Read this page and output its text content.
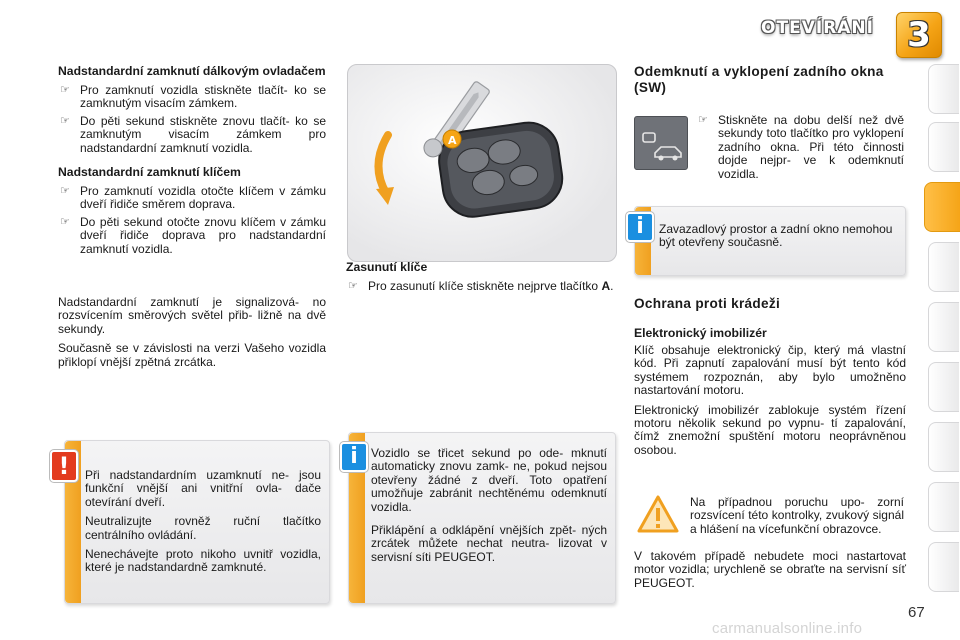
OTEVÍRÁNÍ 3
Nadstandardní zamknutí dálkovým ovladačem
☞ Pro zamknutí vozidla stiskněte tlačít- ko se zamknutým visacím zámkem.
☞ Do pěti sekund stiskněte znovu tlačít- ko se zamknutým visacím zámkem pro nadstandardní zamknutí vozidla.
Nadstandardní zamknutí klíčem
☞ Pro zamknutí vozidla otočte klíčem v zámku dveří řidiče směrem doprava.
☞ Do pěti sekund otočte znovu klíčem v zámku dveří řidiče doprava pro nadstandardní zamknutí vozidla.

Nadstandardní zamknutí je signalizová- no rozsvícením směrových světel přib- ližně na dvě sekundy.

Současně se v závislosti na verzi Vašeho vozidla přiklopí vnější zpětná zrcátka.

Při nadstandardním uzamknutí ne- jsou funkční vnější ani vnitřní ovla- dače otevírání dveří.

Neutralizujte rovněž ruční tlačítko centrálního ovládání.

Nenechávejte proto nikoho uvnitř vozidla, které je nadstandardně zamknuté.

!
A
Zasunutí klíče
☞ Pro zasunutí klíče stiskněte nejprve tlačítko A.

Vozidlo se třicet sekund po ode- mknutí automaticky znovu zamk- ne, pokud nejsou otevřeny žádné z dveří. Toto opatření umožňuje zabránit nechtěnému odemknutí vozidla.

Přiklápění a odklápění vnějších zpět- ných zrcátek můžete nechat neutra- lizovat v servisní síti PEUGEOT.

i
Odemknutí a vyklopení zadního okna (SW)
☞ Stiskněte na dobu delší než dvě sekundy toto tlačítko pro vyklopení zadního okna. Při této činnosti dojde nejpr- ve k odemknutí vozidla.

Zavazadlový prostor a zadní okno nemohou být otevřeny současně.

i
Ochrana proti krádeži
Elektronický imobilizér

Klíč obsahuje elektronický čip, který má vlastní kód. Při zapnutí zapalování musí být tento kód systémem rozpoznán, aby bylo umožněno nastartování motoru.

Elektronický imobilizér zablokuje systém řízení motoru několik sekund po vypnu- tí zapalování, čímž znemožní spuštění motoru neoprávněnou osobou.

Na případnou poruchu upo- zorní rozsvícení této kontrolky, zvukový signál a hlášení na vícefunkční obrazovce.

V takovém případě nebudete moci nastartovat motor vozidla; urychleně se obraťte na servisní síť PEUGEOT.

67
carmanualsonline.info
